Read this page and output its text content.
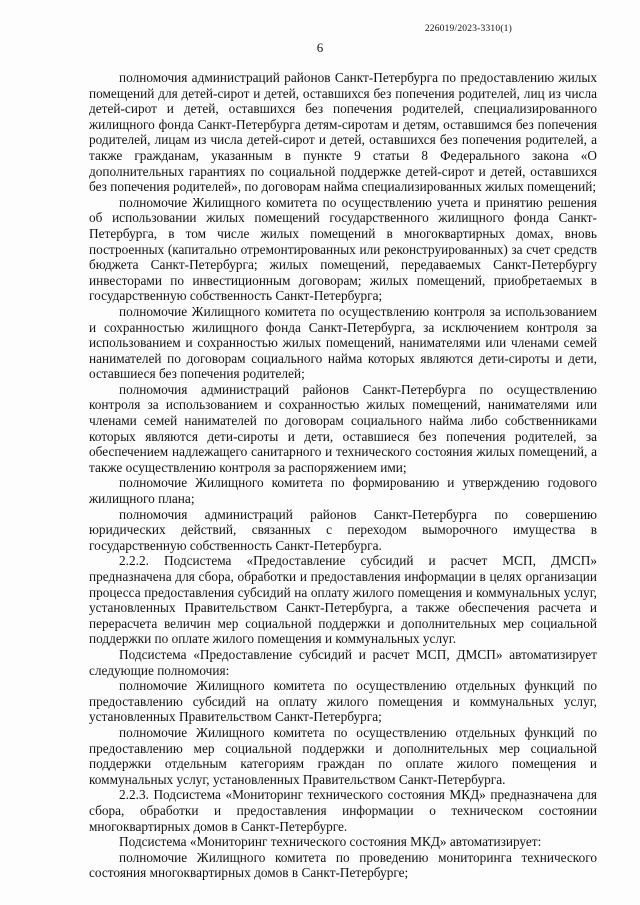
226019/2023-3310(1)
6

полномочия администраций районов Санкт-Петербурга по предоставлению жилых помещений для детей-сирот и детей, оставшихся без попечения родителей, лиц из числа детей-сирот и детей, оставшихся без попечения родителей, специализированного жилищного фонда Санкт-Петербурга детям-сиротам и детям, оставшимся без попечения родителей, лицам из числа детей-сирот и детей, оставшихся без попечения родителей, а также гражданам, указанным в пункте 9 статьи 8 Федерального закона «О дополнительных гарантиях по социальной поддержке детей-сирот и детей, оставшихся без попечения родителей», по договорам найма специализированных жилых помещений;

полномочие Жилищного комитета по осуществлению учета и принятию решения об использовании жилых помещений государственного жилищного фонда Санкт-Петербурга, в том числе жилых помещений в многоквартирных домах, вновь построенных (капитально отремонтированных или реконструированных) за счет средств бюджета Санкт-Петербурга; жилых помещений, передаваемых Санкт-Петербургу инвесторами по инвестиционным договорам; жилых помещений, приобретаемых в государственную собственность Санкт-Петербурга;

полномочие Жилищного комитета по осуществлению контроля за использованием и сохранностью жилищного фонда Санкт-Петербурга, за исключением контроля за использованием и сохранностью жилых помещений, нанимателями или членами семей нанимателей по договорам социального найма которых являются дети-сироты и дети, оставшиеся без попечения родителей;

полномочия администраций районов Санкт-Петербурга по осуществлению контроля за использованием и сохранностью жилых помещений, нанимателями или членами семей нанимателей по договорам социального найма либо собственниками которых являются дети-сироты и дети, оставшиеся без попечения родителей, за обеспечением надлежащего санитарного и технического состояния жилых помещений, а также осуществлению контроля за распоряжением ими;

полномочие Жилищного комитета по формированию и утверждению годового жилищного плана;

полномочия администраций районов Санкт-Петербурга по совершению юридических действий, связанных с переходом выморочного имущества в государственную собственность Санкт-Петербурга.

2.2.2. Подсистема «Предоставление субсидий и расчет МСП, ДМСП» предназначена для сбора, обработки и предоставления информации в целях организации процесса предоставления субсидий на оплату жилого помещения и коммунальных услуг, установленных Правительством Санкт-Петербурга, а также обеспечения расчета и перерасчета величин мер социальной поддержки и дополнительных мер социальной поддержки по оплате жилого помещения и коммунальных услуг.

Подсистема «Предоставление субсидий и расчет МСП, ДМСП» автоматизирует следующие полномочия:

полномочие Жилищного комитета по осуществлению отдельных функций по предоставлению субсидий на оплату жилого помещения и коммунальных услуг, установленных Правительством Санкт-Петербурга;

полномочие Жилищного комитета по осуществлению отдельных функций по предоставлению мер социальной поддержки и дополнительных мер социальной поддержки отдельным категориям граждан по оплате жилого помещения и коммунальных услуг, установленных Правительством Санкт-Петербурга.

2.2.3. Подсистема «Мониторинг технического состояния МКД» предназначена для сбора, обработки и предоставления информации о техническом состоянии многоквартирных домов в Санкт-Петербурге.

Подсистема «Мониторинг технического состояния МКД» автоматизирует:

полномочие Жилищного комитета по проведению мониторинга технического состояния многоквартирных домов в Санкт-Петербурге;
